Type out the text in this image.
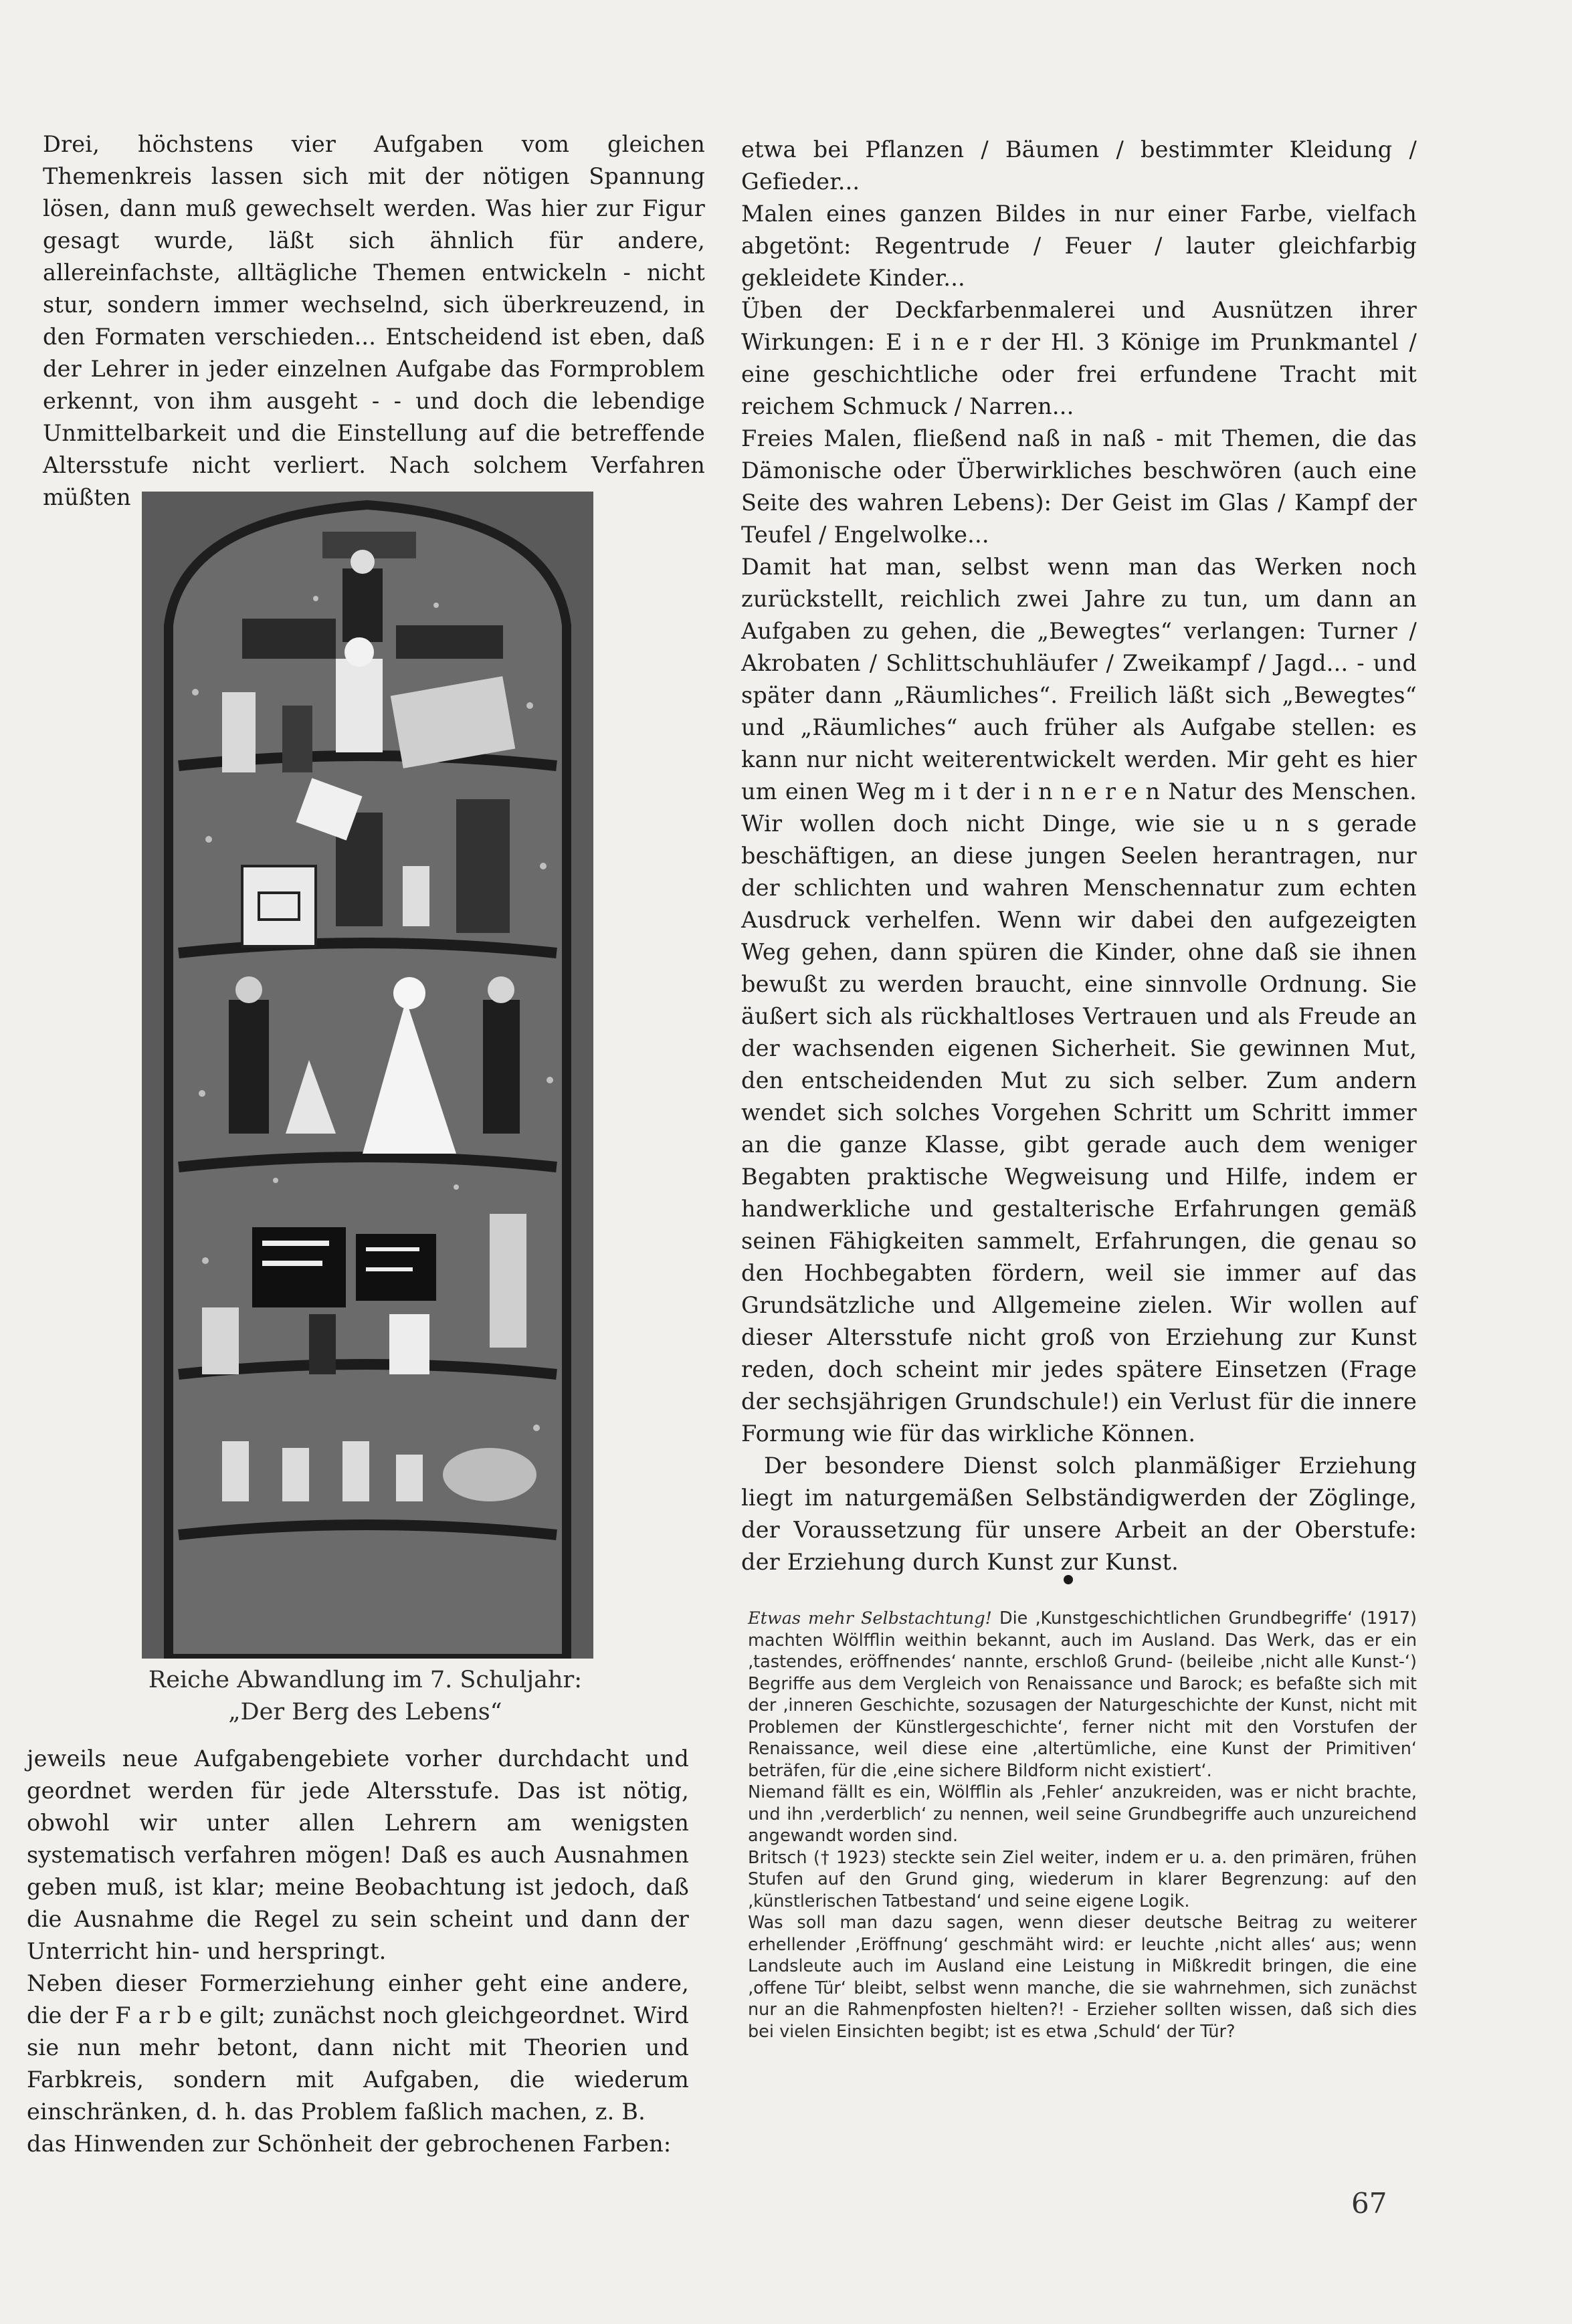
Drei, höchstens vier Aufgaben vom gleichen Themenkreis lassen sich mit der nötigen Spannung lösen, dann muß gewechselt werden. Was hier zur Figur gesagt wurde, läßt sich ähnlich für andere, allereinfachste, alltägliche Themen entwickeln - nicht stur, sondern immer wechselnd, sich überkreuzend, in den Formaten verschieden... Entscheidend ist eben, daß der Lehrer in jeder einzelnen Aufgabe das Formproblem erkennt, von ihm ausgeht - - und doch die lebendige Unmittelbarkeit und die Einstellung auf die betreffende Altersstufe nicht verliert. Nach solchem Verfahren müßten

Reiche Abwandlung im 7. Schuljahr:
„Der Berg des Lebens“

jeweils neue Aufgabengebiete vorher durchdacht und geordnet werden für jede Altersstufe. Das ist nötig, obwohl wir unter allen Lehrern am wenigsten systematisch verfahren mögen! Daß es auch Ausnahmen geben muß, ist klar; meine Beobachtung ist jedoch, daß die Ausnahme die Regel zu sein scheint und dann der Unterricht hin- und herspringt.

Neben dieser Formerziehung einher geht eine andere, die der F a r b e gilt; zunächst noch gleichgeordnet. Wird sie nun mehr betont, dann nicht mit Theorien und Farbkreis, sondern mit Aufgaben, die wiederum einschränken, d. h. das Problem faßlich machen, z. B.

das Hinwenden zur Schönheit der gebrochenen Farben:

etwa bei Pflanzen / Bäumen / bestimmter Kleidung / Gefieder...

Malen eines ganzen Bildes in nur einer Farbe, vielfach abgetönt: Regentrude / Feuer / lauter gleichfarbig gekleidete Kinder...

Üben der Deckfarbenmalerei und Ausnützen ihrer Wirkungen: E i n e r der Hl. 3 Könige im Prunkmantel / eine geschichtliche oder frei erfundene Tracht mit reichem Schmuck / Narren...

Freies Malen, fließend naß in naß - mit Themen, die das Dämonische oder Überwirkliches beschwören (auch eine Seite des wahren Lebens): Der Geist im Glas / Kampf der Teufel / Engelwolke...

Damit hat man, selbst wenn man das Werken noch zurückstellt, reichlich zwei Jahre zu tun, um dann an Aufgaben zu gehen, die „Bewegtes“ verlangen: Turner / Akrobaten / Schlittschuhläufer / Zweikampf / Jagd... - und später dann „Räumliches“. Freilich läßt sich „Bewegtes“ und „Räumliches“ auch früher als Aufgabe stellen: es kann nur nicht weiterentwickelt werden. Mir geht es hier um einen Weg m i t der i n n e r e n Natur des Menschen. Wir wollen doch nicht Dinge, wie sie u n s gerade beschäftigen, an diese jungen Seelen herantragen, nur der schlichten und wahren Menschennatur zum echten Ausdruck verhelfen. Wenn wir dabei den aufgezeigten Weg gehen, dann spüren die Kinder, ohne daß sie ihnen bewußt zu werden braucht, eine sinnvolle Ordnung. Sie äußert sich als rückhaltloses Vertrauen und als Freude an der wachsenden eigenen Sicherheit. Sie gewinnen Mut, den entscheidenden Mut zu sich selber. Zum andern wendet sich solches Vorgehen Schritt um Schritt immer an die ganze Klasse, gibt gerade auch dem weniger Begabten praktische Wegweisung und Hilfe, indem er handwerkliche und gestalterische Erfahrungen gemäß seinen Fähigkeiten sammelt, Erfahrungen, die genau so den Hochbegabten fördern, weil sie immer auf das Grundsätzliche und Allgemeine zielen. Wir wollen auf dieser Altersstufe nicht groß von Erziehung zur Kunst reden, doch scheint mir jedes spätere Einsetzen (Frage der sechsjährigen Grundschule!) ein Verlust für die innere Formung wie für das wirkliche Können.

Der besondere Dienst solch planmäßiger Erziehung liegt im naturgemäßen Selbständigwerden der Zöglinge, der Voraussetzung für unsere Arbeit an der Oberstufe: der Erziehung durch Kunst zur Kunst.

Etwas mehr Selbstachtung! Die ‚Kunstgeschichtlichen Grundbegriffe‘ (1917) machten Wölfflin weithin bekannt, auch im Ausland. Das Werk, das er ein ‚tastendes, eröffnendes‘ nannte, erschloß Grund- (beileibe ‚nicht alle Kunst-‘) Begriffe aus dem Vergleich von Renaissance und Barock; es befaßte sich mit der ‚inneren Geschichte, sozusagen der Naturgeschichte der Kunst, nicht mit Problemen der Künstlergeschichte‘, ferner nicht mit den Vorstufen der Renaissance, weil diese eine ‚altertümliche, eine Kunst der Primitiven‘ beträfen, für die ‚eine sichere Bildform nicht existiert‘.

Niemand fällt es ein, Wölfflin als ‚Fehler‘ anzukreiden, was er nicht brachte, und ihn ‚verderblich‘ zu nennen, weil seine Grundbegriffe auch unzureichend angewandt worden sind.

Britsch († 1923) steckte sein Ziel weiter, indem er u. a. den primären, frühen Stufen auf den Grund ging, wiederum in klarer Begrenzung: auf den ‚künstlerischen Tatbestand‘ und seine eigene Logik.

Was soll man dazu sagen, wenn dieser deutsche Beitrag zu weiterer erhellender ‚Eröffnung‘ geschmäht wird: er leuchte ‚nicht alles‘ aus; wenn Landsleute auch im Ausland eine Leistung in Mißkredit bringen, die eine ‚offene Tür‘ bleibt, selbst wenn manche, die sie wahrnehmen, sich zunächst nur an die Rahmenpfosten hielten?! - Erzieher sollten wissen, daß sich dies bei vielen Einsichten begibt; ist es etwa ‚Schuld‘ der Tür?

67
